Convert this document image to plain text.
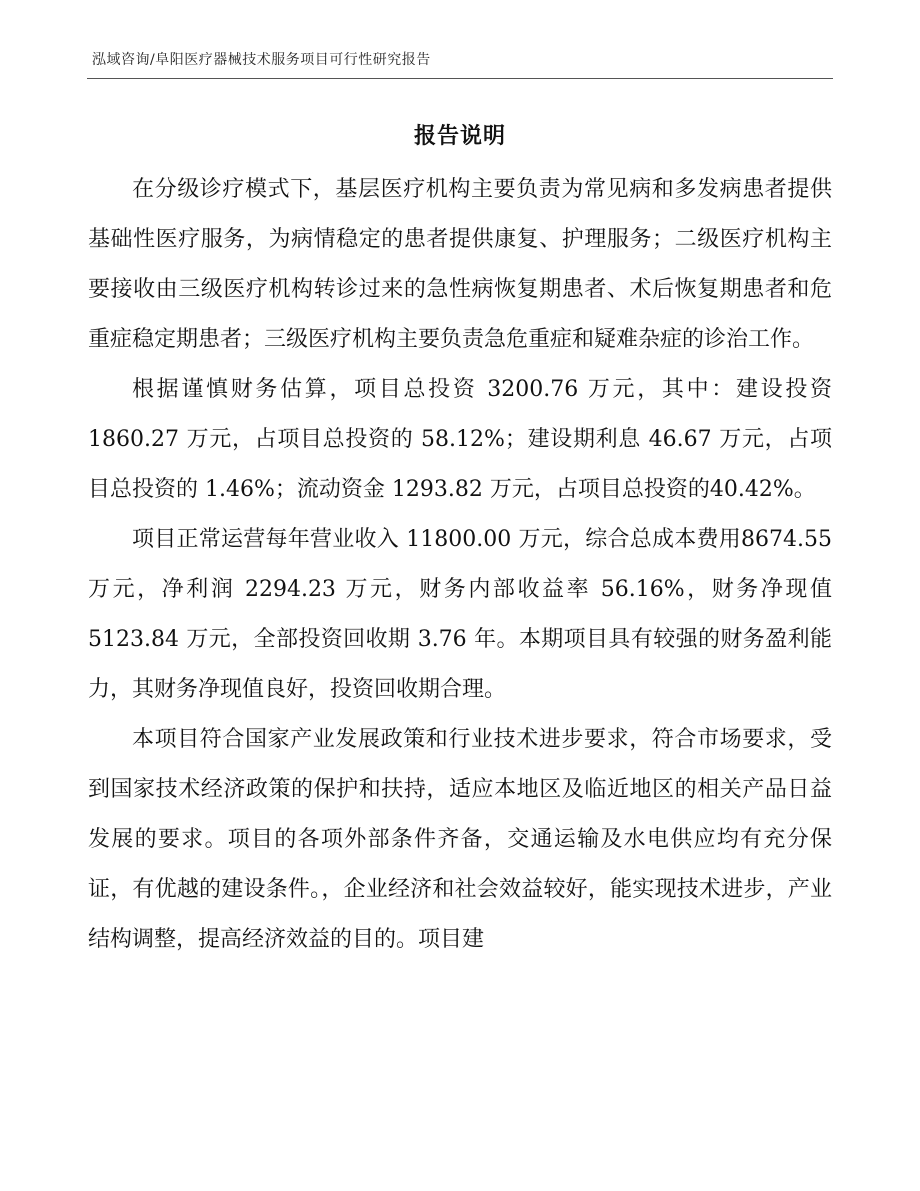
泓域咨询/阜阳医疗器械技术服务项目可行性研究报告
报告说明

在分级诊疗模式下，基层医疗机构主要负责为常见病和多发病患者提供基础性医疗服务，为病情稳定的患者提供康复、护理服务；二级医疗机构主要接收由三级医疗机构转诊过来的急性病恢复期患者、术后恢复期患者和危重症稳定期患者；三级医疗机构主要负责急危重症和疑难杂症的诊治工作。

根据谨慎财务估算，项目总投资 3200.76 万元，其中：建设投资1860.27 万元，占项目总投资的 58.12%；建设期利息 46.67 万元，占项目总投资的 1.46%；流动资金 1293.82 万元，占项目总投资的40.42%。

项目正常运营每年营业收入 11800.00 万元，综合总成本费用8674.55 万元，净利润 2294.23 万元，财务内部收益率 56.16%，财务净现值 5123.84 万元，全部投资回收期 3.76 年。本期项目具有较强的财务盈利能力，其财务净现值良好，投资回收期合理。

本项目符合国家产业发展政策和行业技术进步要求，符合市场要求，受到国家技术经济政策的保护和扶持，适应本地区及临近地区的相关产品日益发展的要求。项目的各项外部条件齐备，交通运输及水电供应均有充分保证，有优越的建设条件。，企业经济和社会效益较好，能实现技术进步，产业结构调整，提高经济效益的目的。项目建
